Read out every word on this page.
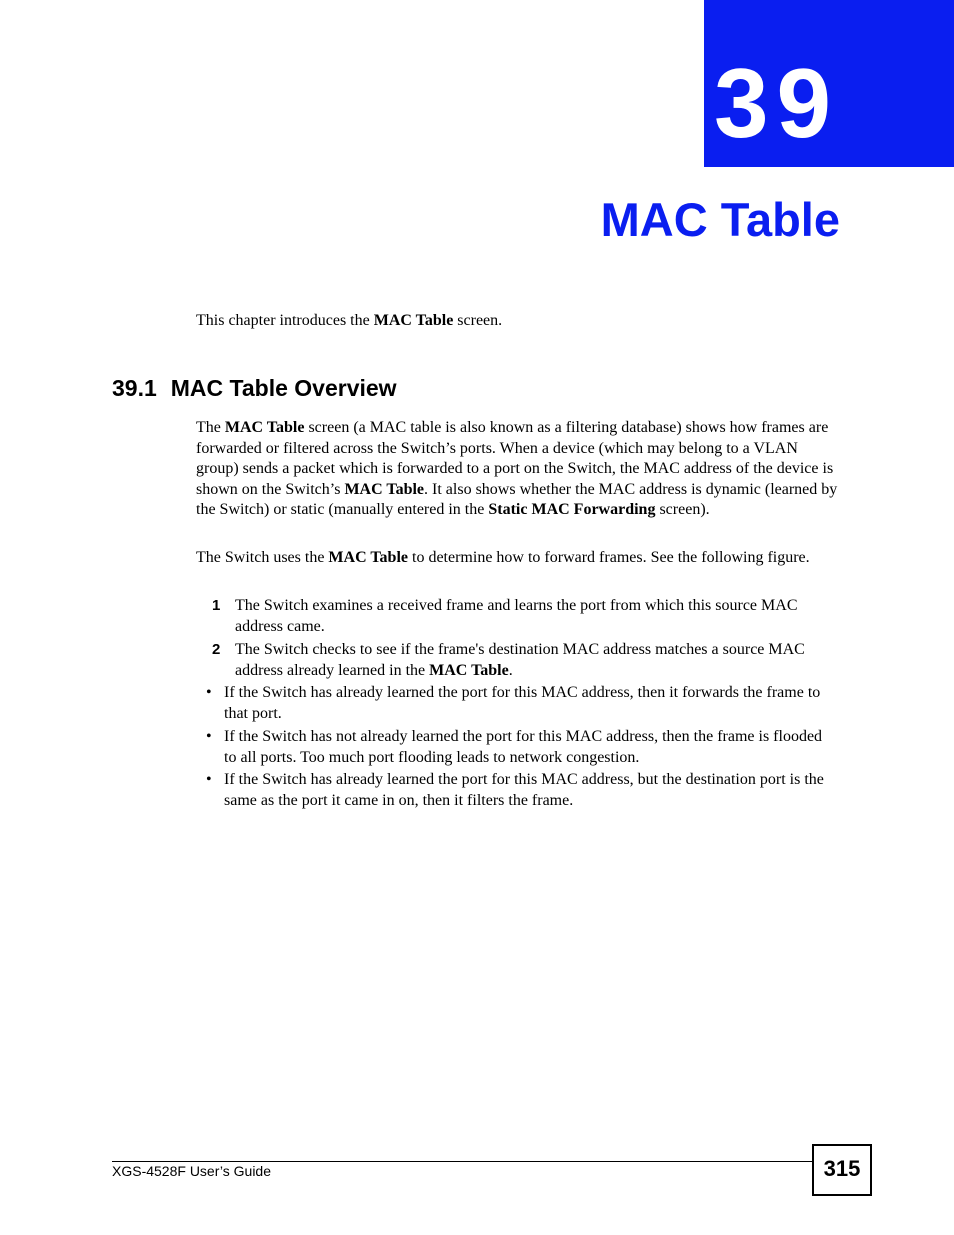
39
MAC Table

This chapter introduces the MAC Table screen.

39.1 MAC Table Overview

The MAC Table screen (a MAC table is also known as a filtering database) shows how frames are forwarded or filtered across the Switch’s ports. When a device (which may belong to a VLAN group) sends a packet which is forwarded to a port on the Switch, the MAC address of the device is shown on the Switch’s MAC Table. It also shows whether the MAC address is dynamic (learned by the Switch) or static (manually entered in the Static MAC Forwarding screen).

The Switch uses the MAC Table to determine how to forward frames. See the following figure.

1 The Switch examines a received frame and learns the port from which this source MAC address came.
2 The Switch checks to see if the frame's destination MAC address matches a source MAC address already learned in the MAC Table.
• If the Switch has already learned the port for this MAC address, then it forwards the frame to that port.
• If the Switch has not already learned the port for this MAC address, then the frame is flooded to all ports. Too much port flooding leads to network congestion.
• If the Switch has already learned the port for this MAC address, but the destination port is the same as the port it came in on, then it filters the frame.
XGS-4528F User’s Guide	315
